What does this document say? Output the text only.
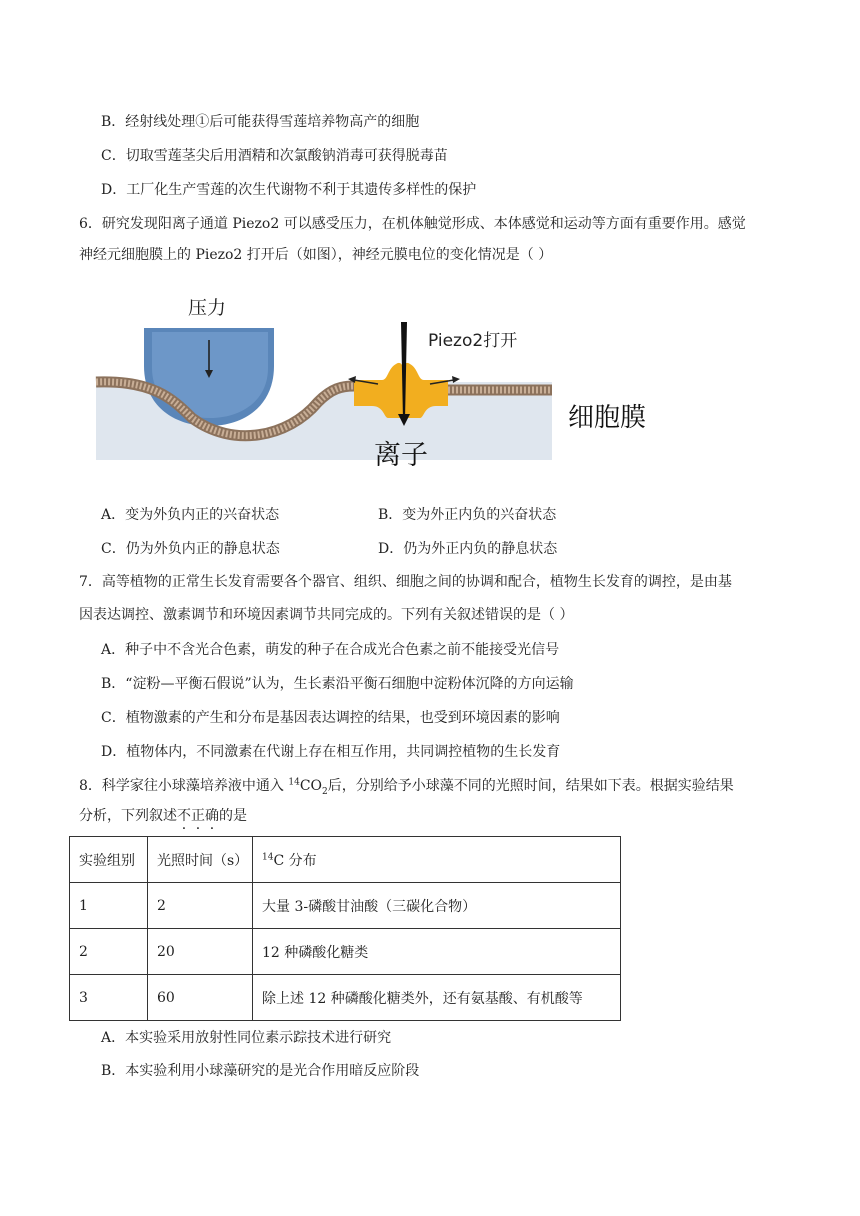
B．经射线处理①后可能获得雪莲培养物高产的细胞
C．切取雪莲茎尖后用酒精和次氯酸钠消毒可获得脱毒苗
D．工厂化生产雪莲的次生代谢物不利于其遗传多样性的保护
6．研究发现阳离子通道 Piezo2 可以感受压力，在机体触觉形成、本体感觉和运动等方面有重要作用。感觉
神经元细胞膜上的 Piezo2 打开后（如图），神经元膜电位的变化情况是（ ）
压力
Piezo2打开
细胞膜
离子
A．变为外负内正的兴奋状态	B．变为外正内负的兴奋状态
C．仍为外负内正的静息状态	D．仍为外正内负的静息状态
7．高等植物的正常生长发育需要各个器官、组织、细胞之间的协调和配合，植物生长发育的调控，是由基
因表达调控、激素调节和环境因素调节共同完成的。下列有关叙述错误的是（ ）
A．种子中不含光合色素，萌发的种子在合成光合色素之前不能接受光信号
B．“淀粉—平衡石假说”认为，生长素沿平衡石细胞中淀粉体沉降的方向运输
C．植物激素的产生和分布是基因表达调控的结果，也受到环境因素的影响
D．植物体内，不同激素在代谢上存在相互作用，共同调控植物的生长发育
8．科学家往小球藻培养液中通入 $^{14}CO_2$后，分别给予小球藻不同的光照时间，结果如下表。根据实验结果
分析，下列叙述不正确的是
实验组别	光照时间（s）	$^{14}$C 分布
1	2	大量 3-磷酸甘油酸（三碳化合物）
2	20	12 种磷酸化糖类
3	60	除上述 12 种磷酸化糖类外，还有氨基酸、有机酸等
A．本实验采用放射性同位素示踪技术进行研究
B．本实验利用小球藻研究的是光合作用暗反应阶段
